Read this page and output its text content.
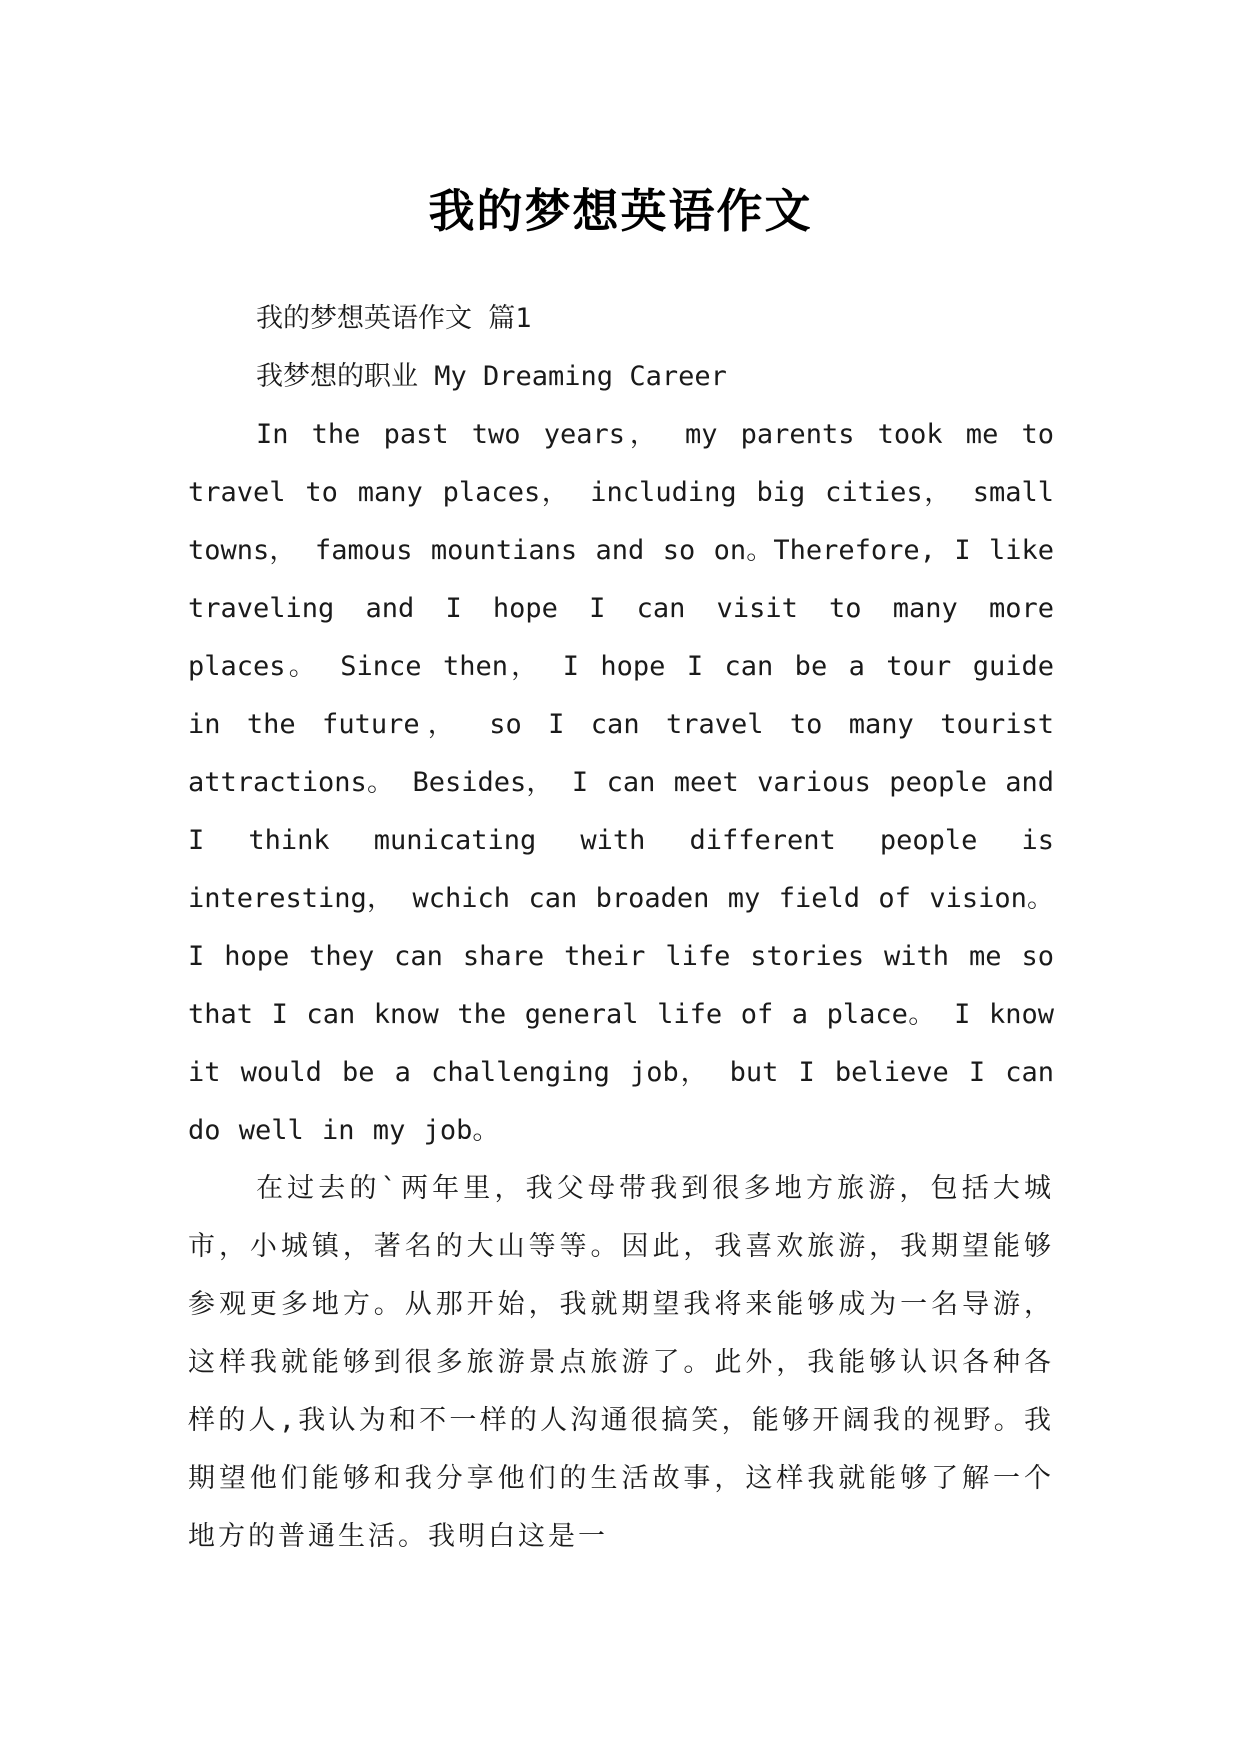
我的梦想英语作文

我的梦想英语作文 篇1

我梦想的职业 My Dreaming Career

In the past two years， my parents took me to travel to many places， including big cities， small towns， famous mountians and so on。Therefore, I like traveling and I hope I can visit to many more places。 Since then， I hope I can be a tour guide in the future， so I can travel to many tourist attractions。 Besides， I can meet various people and I think municating with different people is interesting， wchich can broaden my field of vision。 I hope they can share their life stories with me so that I can know the general life of a place。 I know it would be a challenging job， but I believe I can do well in my job。

在过去的`两年里，我父母带我到很多地方旅游，包括大城市，小城镇，著名的大山等等。因此，我喜欢旅游，我期望能够参观更多地方。从那开始，我就期望我将来能够成为一名导游，这样我就能够到很多旅游景点旅游了。此外，我能够认识各种各样的人,我认为和不一样的人沟通很搞笑，能够开阔我的视野。我期望他们能够和我分享他们的生活故事，这样我就能够了解一个地方的普通生活。我明白这是一
